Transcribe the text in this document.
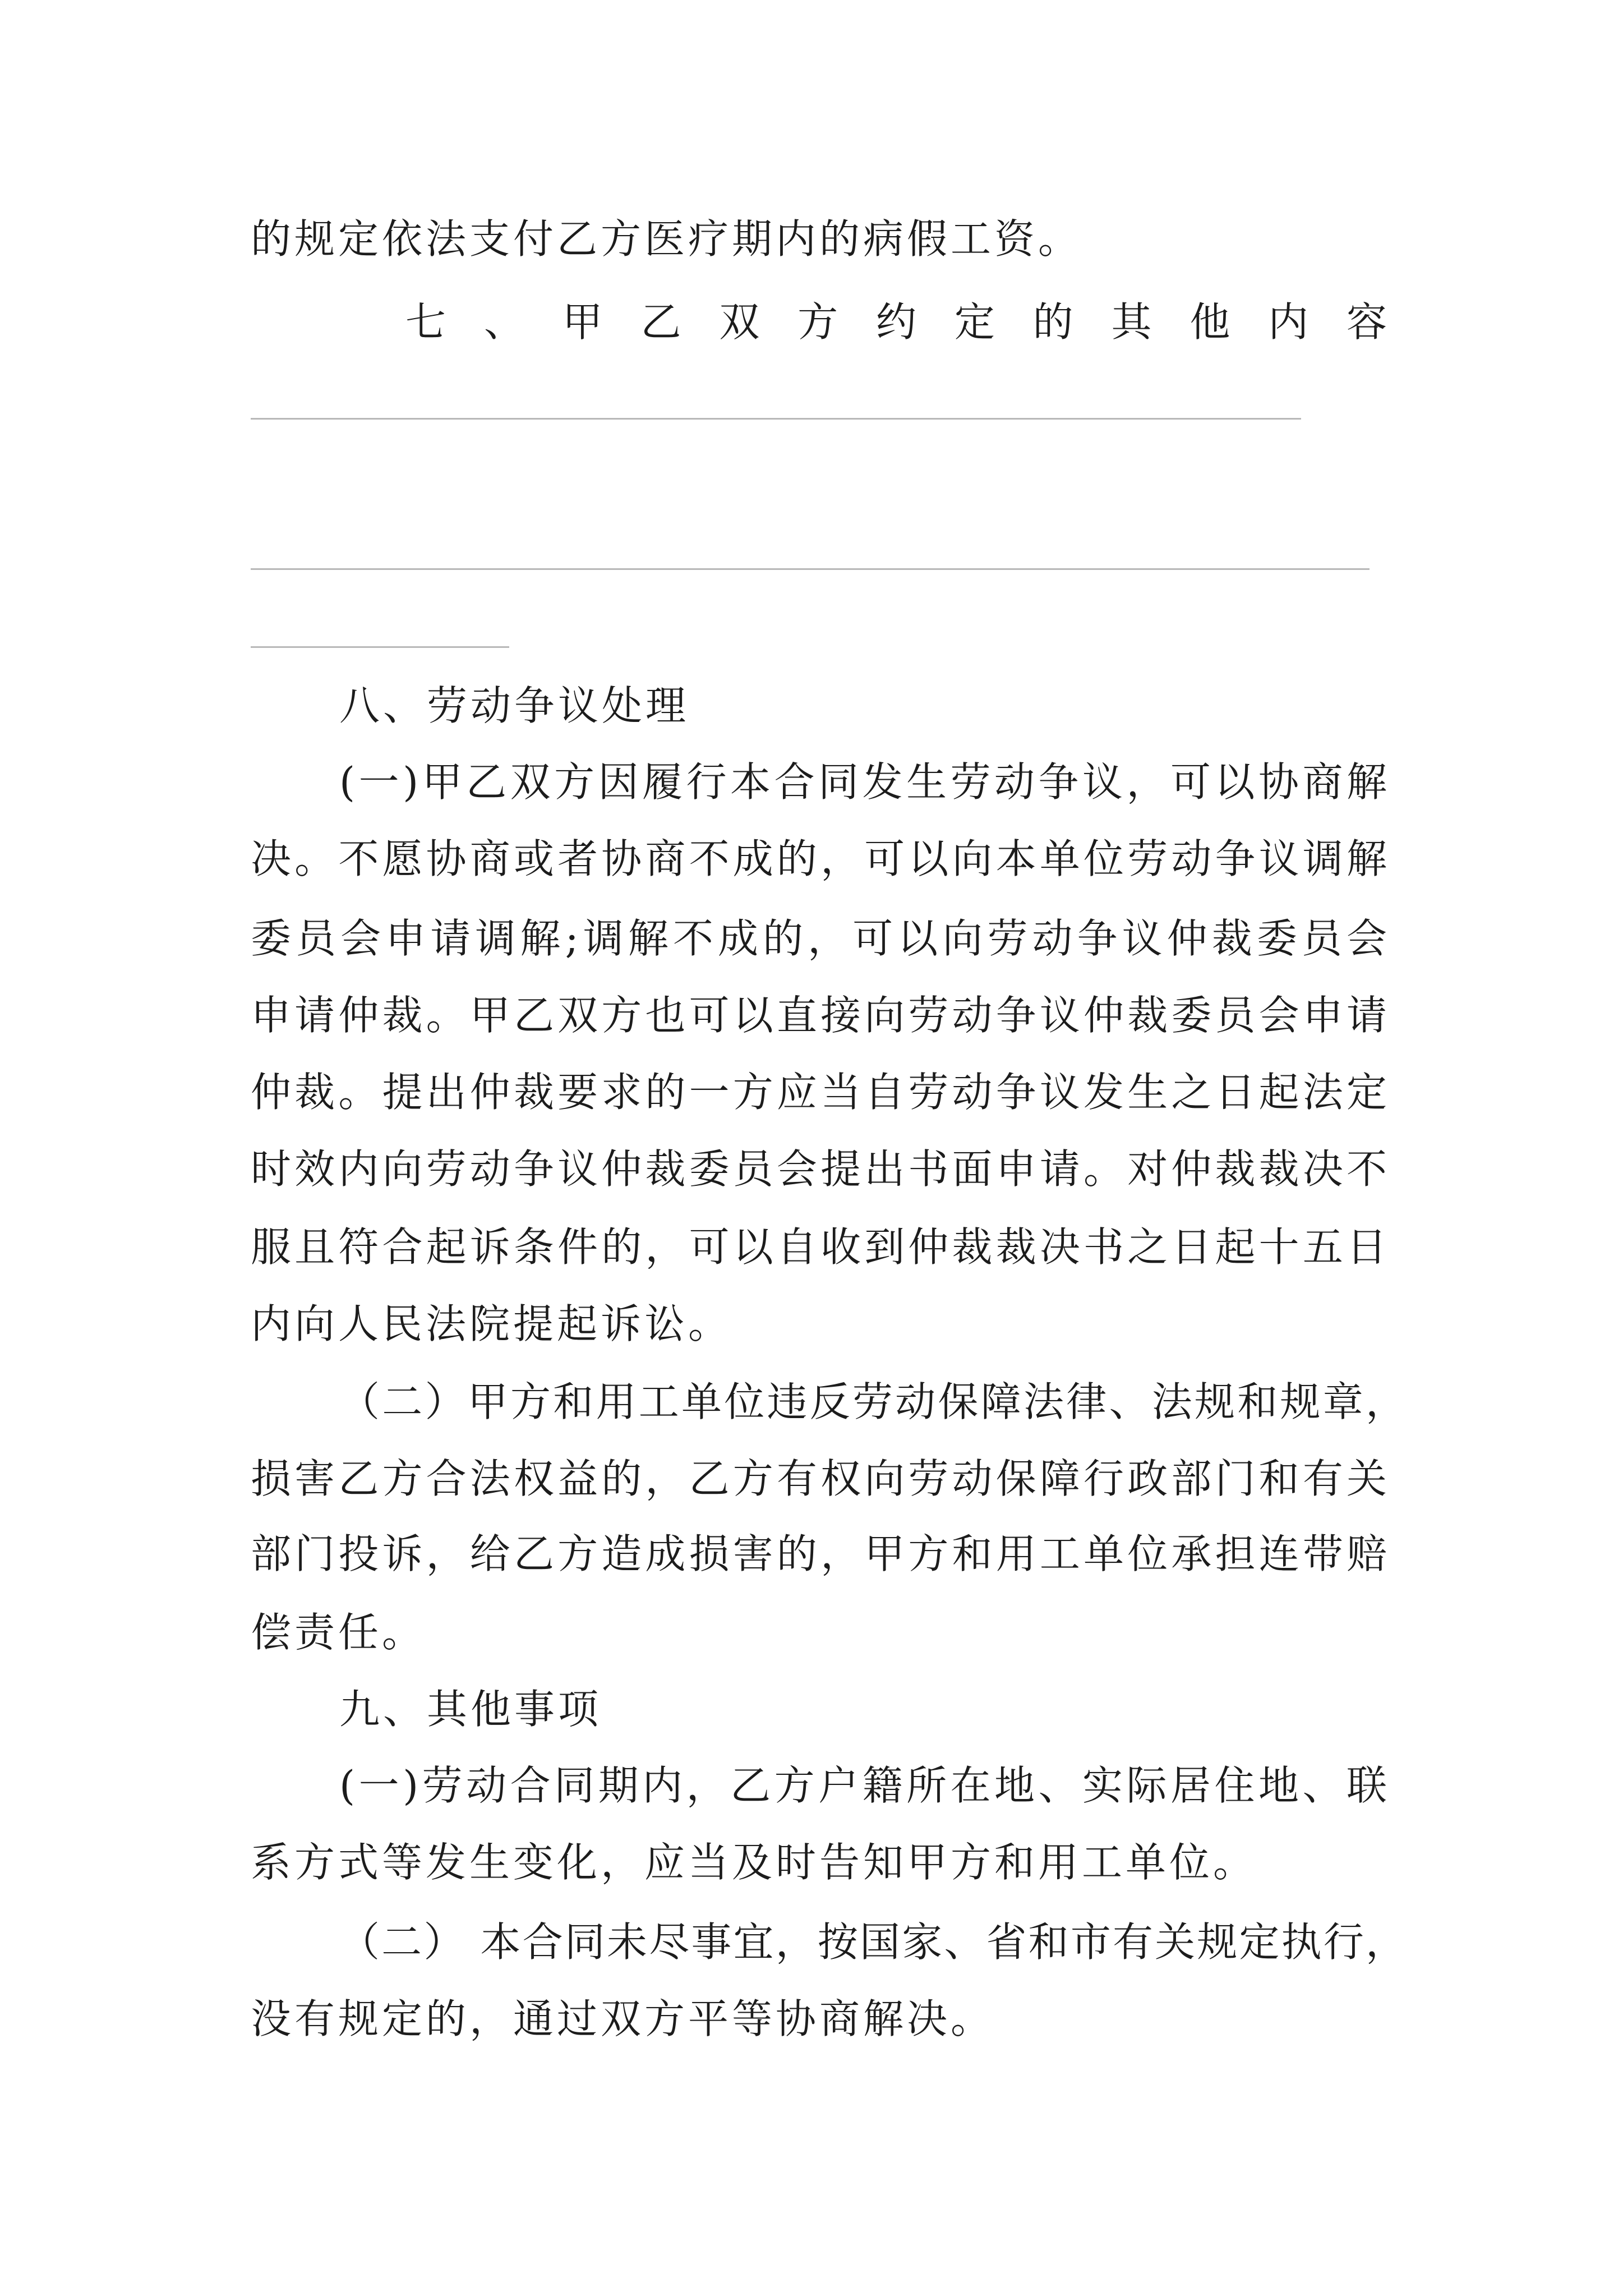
的规定依法支付乙方医疗期内的病假工资。
七、甲乙双方约定的其他内容
八、劳动争议处理
(一)甲乙双方因履行本合同发生劳动争议，可以协商解
决。不愿协商或者协商不成的，可以向本单位劳动争议调解
委员会申请调解;调解不成的，可以向劳动争议仲裁委员会
申请仲裁。甲乙双方也可以直接向劳动争议仲裁委员会申请
仲裁。提出仲裁要求的一方应当自劳动争议发生之日起法定
时效内向劳动争议仲裁委员会提出书面申请。对仲裁裁决不
服且符合起诉条件的，可以自收到仲裁裁决书之日起十五日
内向人民法院提起诉讼。
（二）甲方和用工单位违反劳动保障法律、法规和规章，
损害乙方合法权益的，乙方有权向劳动保障行政部门和有关
部门投诉，给乙方造成损害的，甲方和用工单位承担连带赔
偿责任。
九、其他事项
(一)劳动合同期内，乙方户籍所在地、实际居住地、联
系方式等发生变化，应当及时告知甲方和用工单位。
（二） 本合同未尽事宜，按国家、省和市有关规定执行，
没有规定的，通过双方平等协商解决。
